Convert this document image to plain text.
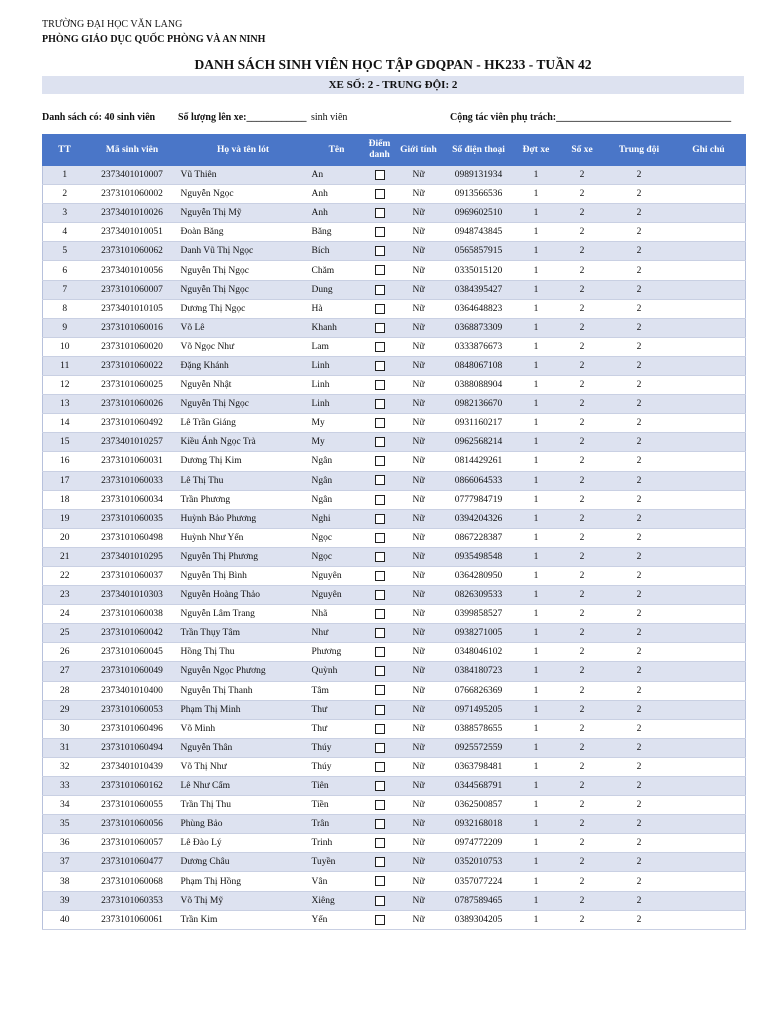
TRƯỜNG ĐẠI HỌC VĂN LANG
PHÒNG GIÁO DỤC QUỐC PHÒNG VÀ AN NINH
DANH SÁCH SINH VIÊN HỌC TẬP GDQPAN - HK233 - TUẦN 42
XE SỐ: 2 - TRUNG ĐỘI: 2
Danh sách có: 40 sinh viên Số lượng lên xe:____________ sinh viên	Cộng tác viên phụ trách:___________________________________
TT	Mã sinh viên	Họ và tên lót	Tên	Điểm
danh	Giới tính	Số điện thoại	Đợt xe	Số xe	Trung đội	Ghi chú
1	2373401010007	Vũ Thiên	An		Nữ	0989131934	1	2	2	
2	2373101060002	Nguyễn Ngọc	Anh		Nữ	0913566536	1	2	2	
3	2373401010026	Nguyễn Thị Mỹ	Anh		Nữ	0969602510	1	2	2	
4	2373401010051	Đoàn Băng	Băng		Nữ	0948743845	1	2	2	
5	2373101060062	Danh Vũ Thị Ngọc	Bích		Nữ	0565857915	1	2	2	
6	2373401010056	Nguyễn Thị Ngọc	Chăm		Nữ	0335015120	1	2	2	
7	2373101060007	Nguyễn Thị Ngọc	Dung		Nữ	0384395427	1	2	2	
8	2373401010105	Dương Thị Ngọc	Hà		Nữ	0364648823	1	2	2	
9	2373101060016	Võ Lê	Khanh		Nữ	0368873309	1	2	2	
10	2373101060020	Võ Ngọc Như	Lam		Nữ	0333876673	1	2	2	
11	2373101060022	Đặng Khánh	Linh		Nữ	0848067108	1	2	2	
12	2373101060025	Nguyễn Nhật	Linh		Nữ	0388088904	1	2	2	
13	2373101060026	Nguyễn Thị Ngọc	Linh		Nữ	0982136670	1	2	2	
14	2373101060492	Lê Trần Giáng	My		Nữ	0931160217	1	2	2	
15	2373401010257	Kiều Ánh Ngọc Trà	My		Nữ	0962568214	1	2	2	
16	2373101060031	Dương Thị Kim	Ngân		Nữ	0814429261	1	2	2	
17	2373101060033	Lê Thị Thu	Ngân		Nữ	0866064533	1	2	2	
18	2373101060034	Trần Phương	Ngân		Nữ	0777984719	1	2	2	
19	2373101060035	Huỳnh Bảo Phương	Nghi		Nữ	0394204326	1	2	2	
20	2373101060498	Huỳnh Như Yến	Ngọc		Nữ	0867228387	1	2	2	
21	2373401010295	Nguyễn Thị Phương	Ngọc		Nữ	0935498548	1	2	2	
22	2373101060037	Nguyễn Thị Bình	Nguyên		Nữ	0364280950	1	2	2	
23	2373401010303	Nguyễn Hoàng Thảo	Nguyên		Nữ	0826309533	1	2	2	
24	2373101060038	Nguyễn Lâm Trang	Nhã		Nữ	0399858527	1	2	2	
25	2373101060042	Trần Thụy Tâm	Như		Nữ	0938271005	1	2	2	
26	2373101060045	Hồng Thị Thu	Phương		Nữ	0348046102	1	2	2	
27	2373101060049	Nguyễn Ngọc Phương	Quỳnh		Nữ	0384180723	1	2	2	
28	2373401010400	Nguyễn Thị Thanh	Tâm		Nữ	0766826369	1	2	2	
29	2373101060053	Phạm Thị Minh	Thư		Nữ	0971495205	1	2	2	
30	2373101060496	Võ Minh	Thư		Nữ	0388578655	1	2	2	
31	2373101060494	Nguyễn Thân	Thúy		Nữ	0925572559	1	2	2	
32	2373401010439	Võ Thị Như	Thúy		Nữ	0363798481	1	2	2	
33	2373101060162	Lê Như Cẩm	Tiên		Nữ	0344568791	1	2	2	
34	2373101060055	Trần Thị Thu	Tiền		Nữ	0362500857	1	2	2	
35	2373101060056	Phùng Bảo	Trân		Nữ	0932168018	1	2	2	
36	2373101060057	Lê Đào Lý	Trinh		Nữ	0974772209	1	2	2	
37	2373101060477	Dương Châu	Tuyền		Nữ	0352010753	1	2	2	
38	2373101060068	Phạm Thị Hồng	Vân		Nữ	0357077224	1	2	2	
39	2373101060353	Võ Thị Mỹ	Xiêng		Nữ	0787589465	1	2	2	
40	2373101060061	Trần Kim	Yến		Nữ	0389304205	1	2	2	
